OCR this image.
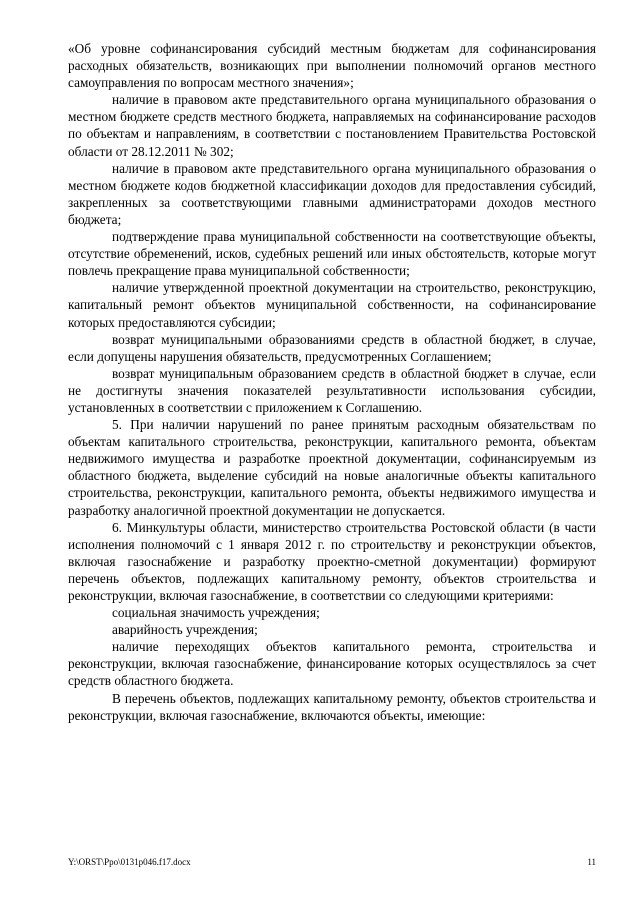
«Об уровне софинансирования субсидий местным бюджетам для софинансирования расходных обязательств, возникающих при выполнении полномочий органов местного самоуправления по вопросам местного значения»;

наличие в правовом акте представительного органа муниципального образования о местном бюджете средств местного бюджета, направляемых на софинансирование расходов по объектам и направлениям, в соответствии с постановлением Правительства Ростовской области от 28.12.2011 № 302;

наличие в правовом акте представительного органа муниципального образования о местном бюджете кодов бюджетной классификации доходов для предоставления субсидий, закрепленных за соответствующими главными администраторами доходов местного бюджета;

подтверждение права муниципальной собственности на соответствующие объекты, отсутствие обременений, исков, судебных решений или иных обстоятельств, которые могут повлечь прекращение права муниципальной собственности;

наличие утвержденной проектной документации на строительство, реконструкцию, капитальный ремонт объектов муниципальной собственности, на софинансирование которых предоставляются субсидии;

возврат муниципальными образованиями средств в областной бюджет, в случае, если допущены нарушения обязательств, предусмотренных Соглашением;

возврат муниципальным образованием средств в областной бюджет в случае, если не достигнуты значения показателей результативности использования субсидии, установленных в соответствии с приложением к Соглашению.

5. При наличии нарушений по ранее принятым расходным обязательствам по объектам капитального строительства, реконструкции, капитального ремонта, объектам недвижимого имущества и разработке проектной документации, софинансируемым из областного бюджета, выделение субсидий на новые аналогичные объекты капитального строительства, реконструкции, капитального ремонта, объекты недвижимого имущества и разработку аналогичной проектной документации не допускается.

6. Минкультуры области, министерство строительства Ростовской области (в части исполнения полномочий с 1 января 2012 г. по строительству и реконструкции объектов, включая газоснабжение и разработку проектно-сметной документации) формируют перечень объектов, подлежащих капитальному ремонту, объектов строительства и реконструкции, включая газоснабжение, в соответствии со следующими критериями:

социальная значимость учреждения;

аварийность учреждения;

наличие переходящих объектов капитального ремонта, строительства и реконструкции, включая газоснабжение, финансирование которых осуществлялось за счет средств областного бюджета.

В перечень объектов, подлежащих капитальному ремонту, объектов строительства и реконструкции, включая газоснабжение, включаются объекты, имеющие:

Y:\ORST\Ppo\0131p046.f17.docx	11
